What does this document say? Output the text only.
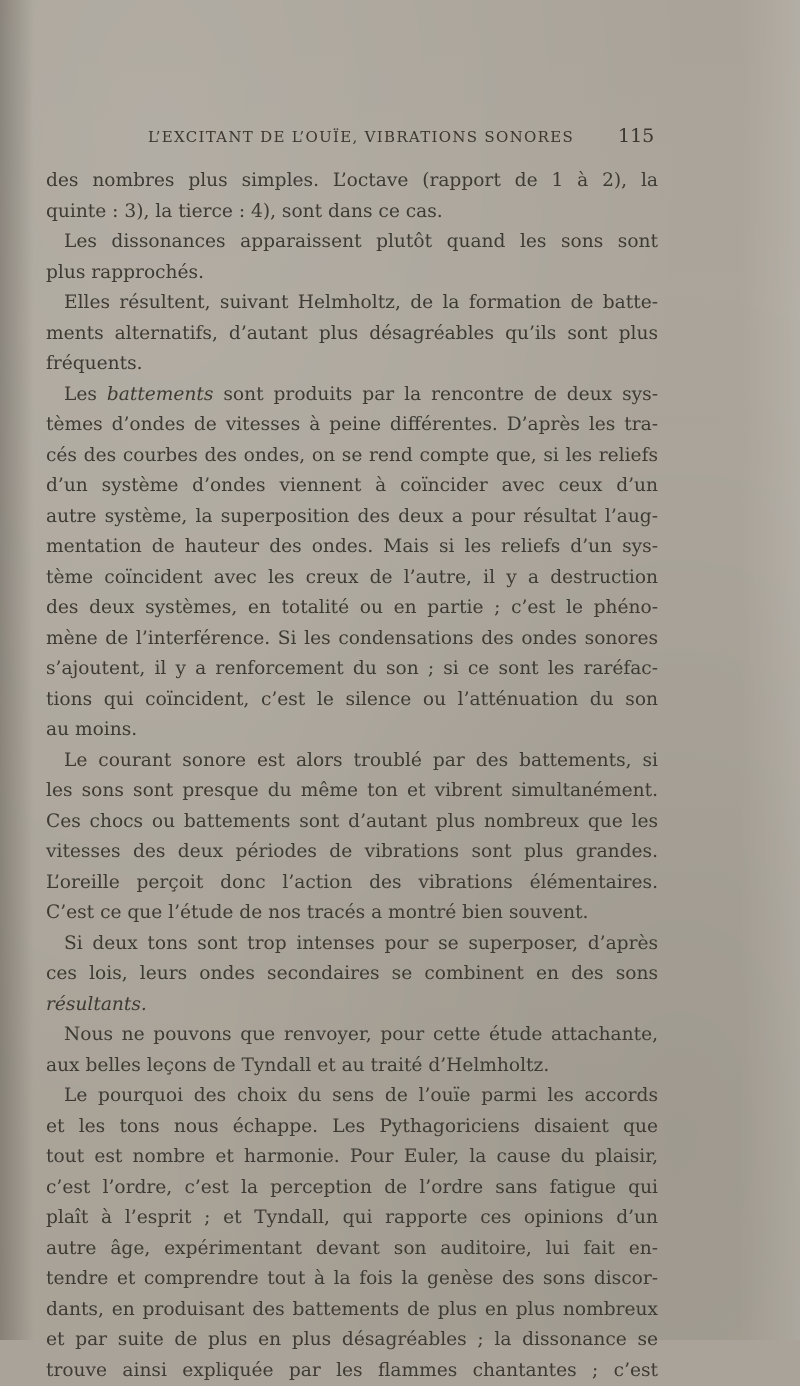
L’EXCITANT DE L’OUÏE, VIBRATIONS SONORES	115
des nombres plus simples. L’octave (rapport de 1 à 2), la
quinte : 3), la tierce : 4), sont dans ce cas.
Les dissonances apparaissent plutôt quand les sons sont
plus rapprochés.
Elles résultent, suivant Helmholtz, de la formation de batte-
ments alternatifs, d’autant plus désagréables qu’ils sont plus
fréquents.
Les battements sont produits par la rencontre de deux sys-
tèmes d’ondes de vitesses à peine différentes. D’après les tra-
cés des courbes des ondes, on se rend compte que, si les reliefs
d’un système d’ondes viennent à coïncider avec ceux d’un
autre système, la superposition des deux a pour résultat l’aug-
mentation de hauteur des ondes. Mais si les reliefs d’un sys-
tème coïncident avec les creux de l’autre, il y a destruction
des deux systèmes, en totalité ou en partie ; c’est le phéno-
mène de l’interférence. Si les condensations des ondes sonores
s’ajoutent, il y a renforcement du son ; si ce sont les raréfac-
tions qui coïncident, c’est le silence ou l’atténuation du son
au moins.
Le courant sonore est alors troublé par des battements, si
les sons sont presque du même ton et vibrent simultanément.
Ces chocs ou battements sont d’autant plus nombreux que les
vitesses des deux périodes de vibrations sont plus grandes.
L’oreille perçoit donc l’action des vibrations élémentaires.
C’est ce que l’étude de nos tracés a montré bien souvent.
Si deux tons sont trop intenses pour se superposer, d’après
ces lois, leurs ondes secondaires se combinent en des sons
résultants.
Nous ne pouvons que renvoyer, pour cette étude attachante,
aux belles leçons de Tyndall et au traité d’Helmholtz.
Le pourquoi des choix du sens de l’ouïe parmi les accords
et les tons nous échappe. Les Pythagoriciens disaient que
tout est nombre et harmonie. Pour Euler, la cause du plaisir,
c’est l’ordre, c’est la perception de l’ordre sans fatigue qui
plaît à l’esprit ; et Tyndall, qui rapporte ces opinions d’un
autre âge, expérimentant devant son auditoire, lui fait en-
tendre et comprendre tout à la fois la genèse des sons discor-
dants, en produisant des battements de plus en plus nombreux
et par suite de plus en plus désagréables ; la dissonance se
trouve ainsi expliquée par les flammes chantantes ; c’est
